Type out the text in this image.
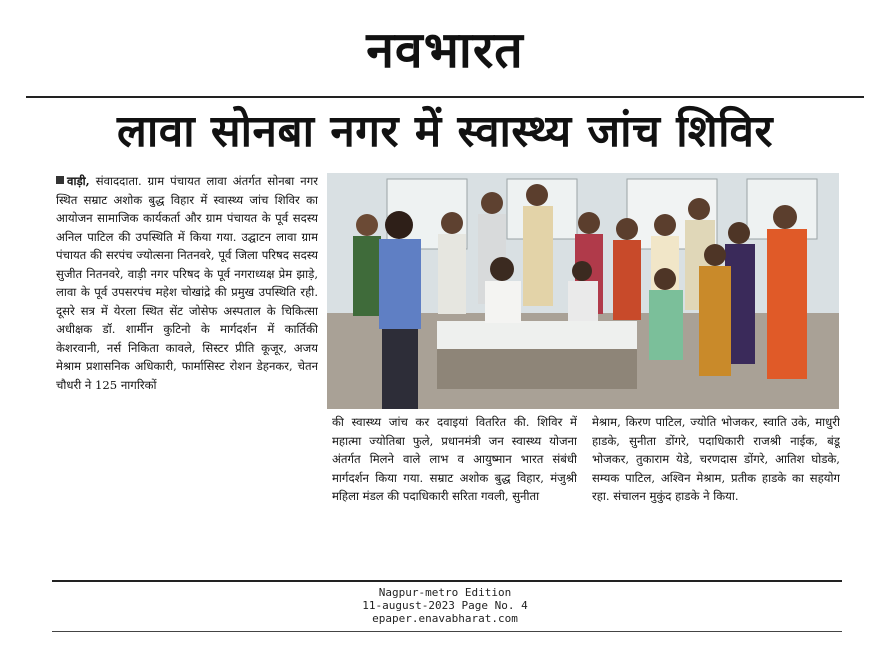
नवभारत
लावा सोनबा नगर में स्वास्थ्य जांच शिविर
वाड़ी, संवाददाता. ग्राम पंचायत लावा अंतर्गत सोनबा नगर स्थित सम्राट अशोक बुद्ध विहार में स्वास्थ्य जांच शिविर का आयोजन सामाजिक कार्यकर्ता और ग्राम पंचायत के पूर्व सदस्य अनिल पाटिल की उपस्थिति में किया गया. उद्घाटन लावा ग्राम पंचायत की सरपंच ज्योत्सना नितनवरे, पूर्व जिला परिषद सदस्य सुजीत नितनवरे, वाड़ी नगर परिषद के पूर्व नगराध्यक्ष प्रेम झाड़े, लावा के पूर्व उपसरपंच महेश चोखांद्रे की प्रमुख उपस्थिति रही. दूसरे सत्र में येरला स्थित सेंट जोसेफ अस्पताल के चिकित्सा अधीक्षक डॉ. शार्मीन कुटिनो के मार्गदर्शन में कार्तिकी केशरवानी, नर्स निकिता कावले, सिस्टर प्रीति कूजूर, अजय मेश्राम प्रशासनिक अधिकारी, फार्मासिस्ट रोशन डेहनकर, चेतन चौधरी ने 125 नागरिकों
की स्वास्थ्य जांच कर दवाइयां वितरित की. शिविर में महात्मा ज्योतिबा फुले, प्रधानमंत्री जन स्वास्थ्य योजना अंतर्गत मिलने वाले लाभ व आयुष्मान भारत संबंधी मार्गदर्शन किया गया. सम्राट अशोक बुद्ध विहार, मंजुश्री महिला मंडल की पदाधिकारी सरिता गवली, सुनीता
मेश्राम, किरण पाटिल, ज्योति भोजकर, स्वाति उके, माधुरी हाडके, सुनीता डोंगरे, पदाधिकारी राजश्री नाईक, बंडू भोजकर, तुकाराम येडे, चरणदास डोंगरे, आतिश घोडके, सम्यक पाटिल, अश्विन मेश्राम, प्रतीक हाडके का सहयोग रहा. संचालन मुकुंद हाडके ने किया.
Nagpur-metro Edition
11-august-2023 Page No. 4
epaper.enavabharat.com
